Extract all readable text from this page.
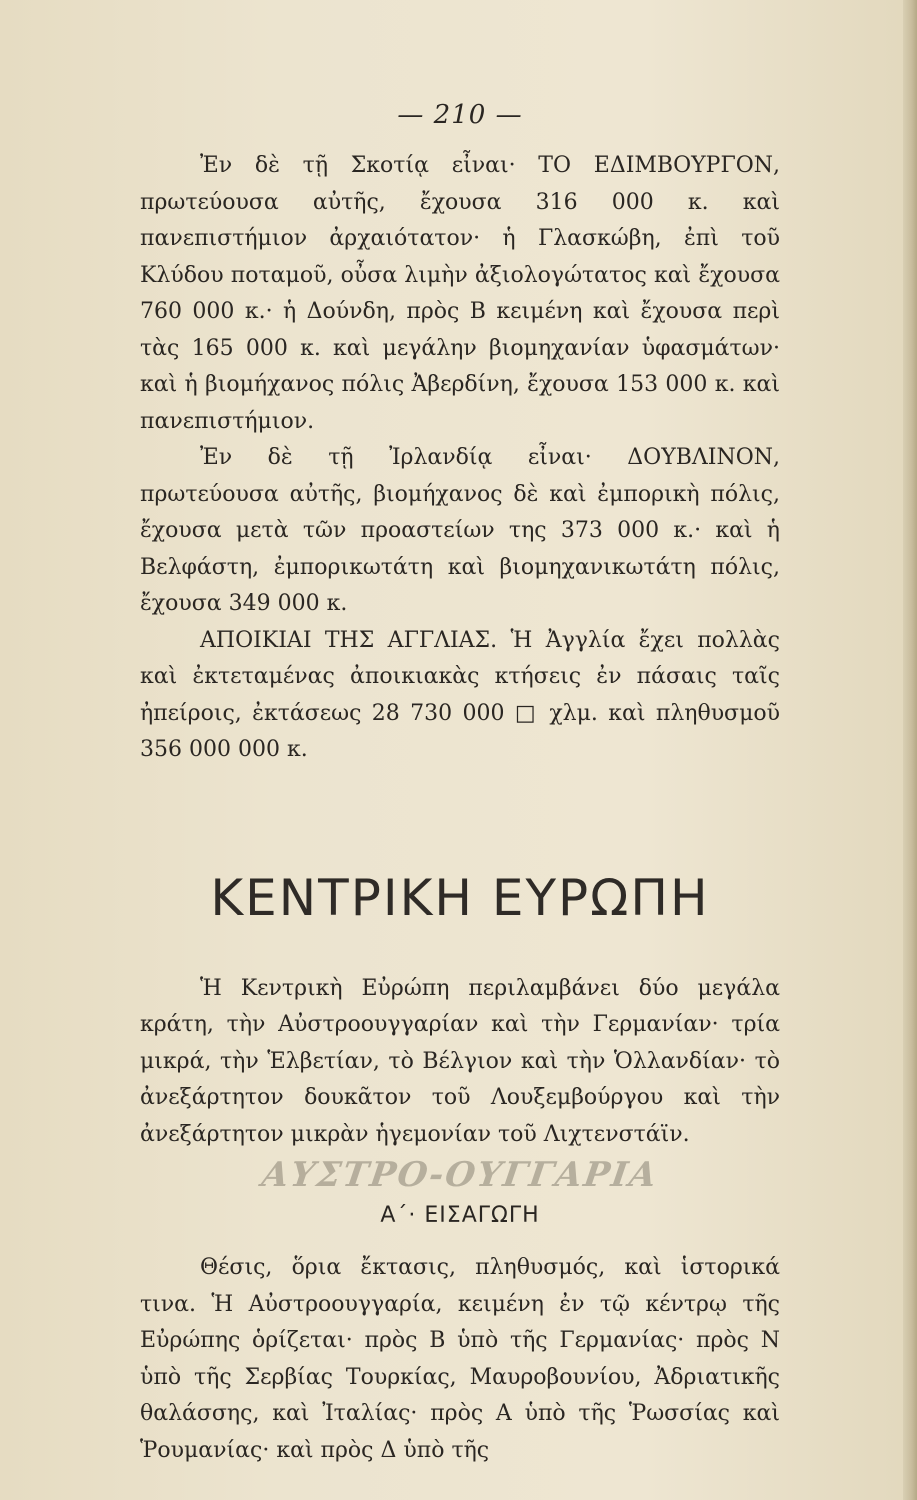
— 210 —

Ἐν δὲ τῇ Σκοτίᾳ εἶναι· ΤΟ ΕΔΙΜΒΟΥΡΓΟΝ, πρωτεύουσα αὐτῆς, ἔχουσα 316 000 κ. καὶ πανεπιστήμιον ἀρχαιότατον· ἡ Γλασκώβη, ἐπὶ τοῦ Κλύδου ποταμοῦ, οὖσα λιμὴν ἀξιολογώτατος καὶ ἔχουσα 760 000 κ.· ἡ Δούνδη, πρὸς Β κειμένη καὶ ἔχουσα περὶ τὰς 165 000 κ. καὶ μεγάλην βιομηχανίαν ὑφασμάτων· καὶ ἡ βιομήχανος πόλις Ἀβερδίνη, ἔχουσα 153 000 κ. καὶ πανεπιστήμιον.

Ἐν δὲ τῇ Ἰρλανδίᾳ εἶναι· ΔΟΥΒΛΙΝΟΝ, πρωτεύουσα αὐτῆς, βιομήχανος δὲ καὶ ἐμπορικὴ πόλις, ἔχουσα μετὰ τῶν προαστείων της 373 000 κ.· καὶ ἡ Βελφάστη, ἐμπορικωτάτη καὶ βιομηχανικωτάτη πόλις, ἔχουσα 349 000 κ.

ΑΠΟΙΚΙΑΙ ΤΗΣ ΑΓΓΛΙΑΣ. Ἡ Ἀγγλία ἔχει πολλὰς καὶ ἐκτεταμένας ἀποικιακὰς κτήσεις ἐν πάσαις ταῖς ἠπείροις, ἐκτάσεως 28 730 000 □ χλμ. καὶ πληθυσμοῦ 356 000 000 κ.

ΚΕΝΤΡΙΚΗ ΕΥΡΩΠΗ

Ἡ Κεντρικὴ Εὐρώπη περιλαμβάνει δύο μεγάλα κράτη, τὴν Αὐστροουγγαρίαν καὶ τὴν Γερμανίαν· τρία μικρά, τὴν Ἑλβετίαν, τὸ Βέλγιον καὶ τὴν Ὁλλανδίαν· τὸ ἀνεξάρτητον δουκᾶτον τοῦ Λουξεμβούργου καὶ τὴν ἀνεξάρτητον μικρὰν ἡγεμονίαν τοῦ Λιχτενστάϊν.

ΑΥΣΤΡΟ-ΟΥΓΓΑΡΙΑ
Α΄· ΕΙΣΑΓΩΓΗ

Θέσις, ὅρια ἔκτασις, πληθυσμός, καὶ ἱστορικά τινα. Ἡ Αὐστροουγγαρία, κειμένη ἐν τῷ κέντρῳ τῆς Εὐρώπης ὁρίζεται· πρὸς Β ὑπὸ τῆς Γερμανίας· πρὸς Ν ὑπὸ τῆς Σερβίας Τουρκίας, Μαυροβουνίου, Ἀδριατικῆς θαλάσσης, καὶ Ἰταλίας· πρὸς Α ὑπὸ τῆς Ῥωσσίας καὶ Ῥουμανίας· καὶ πρὸς Δ ὑπὸ τῆς
